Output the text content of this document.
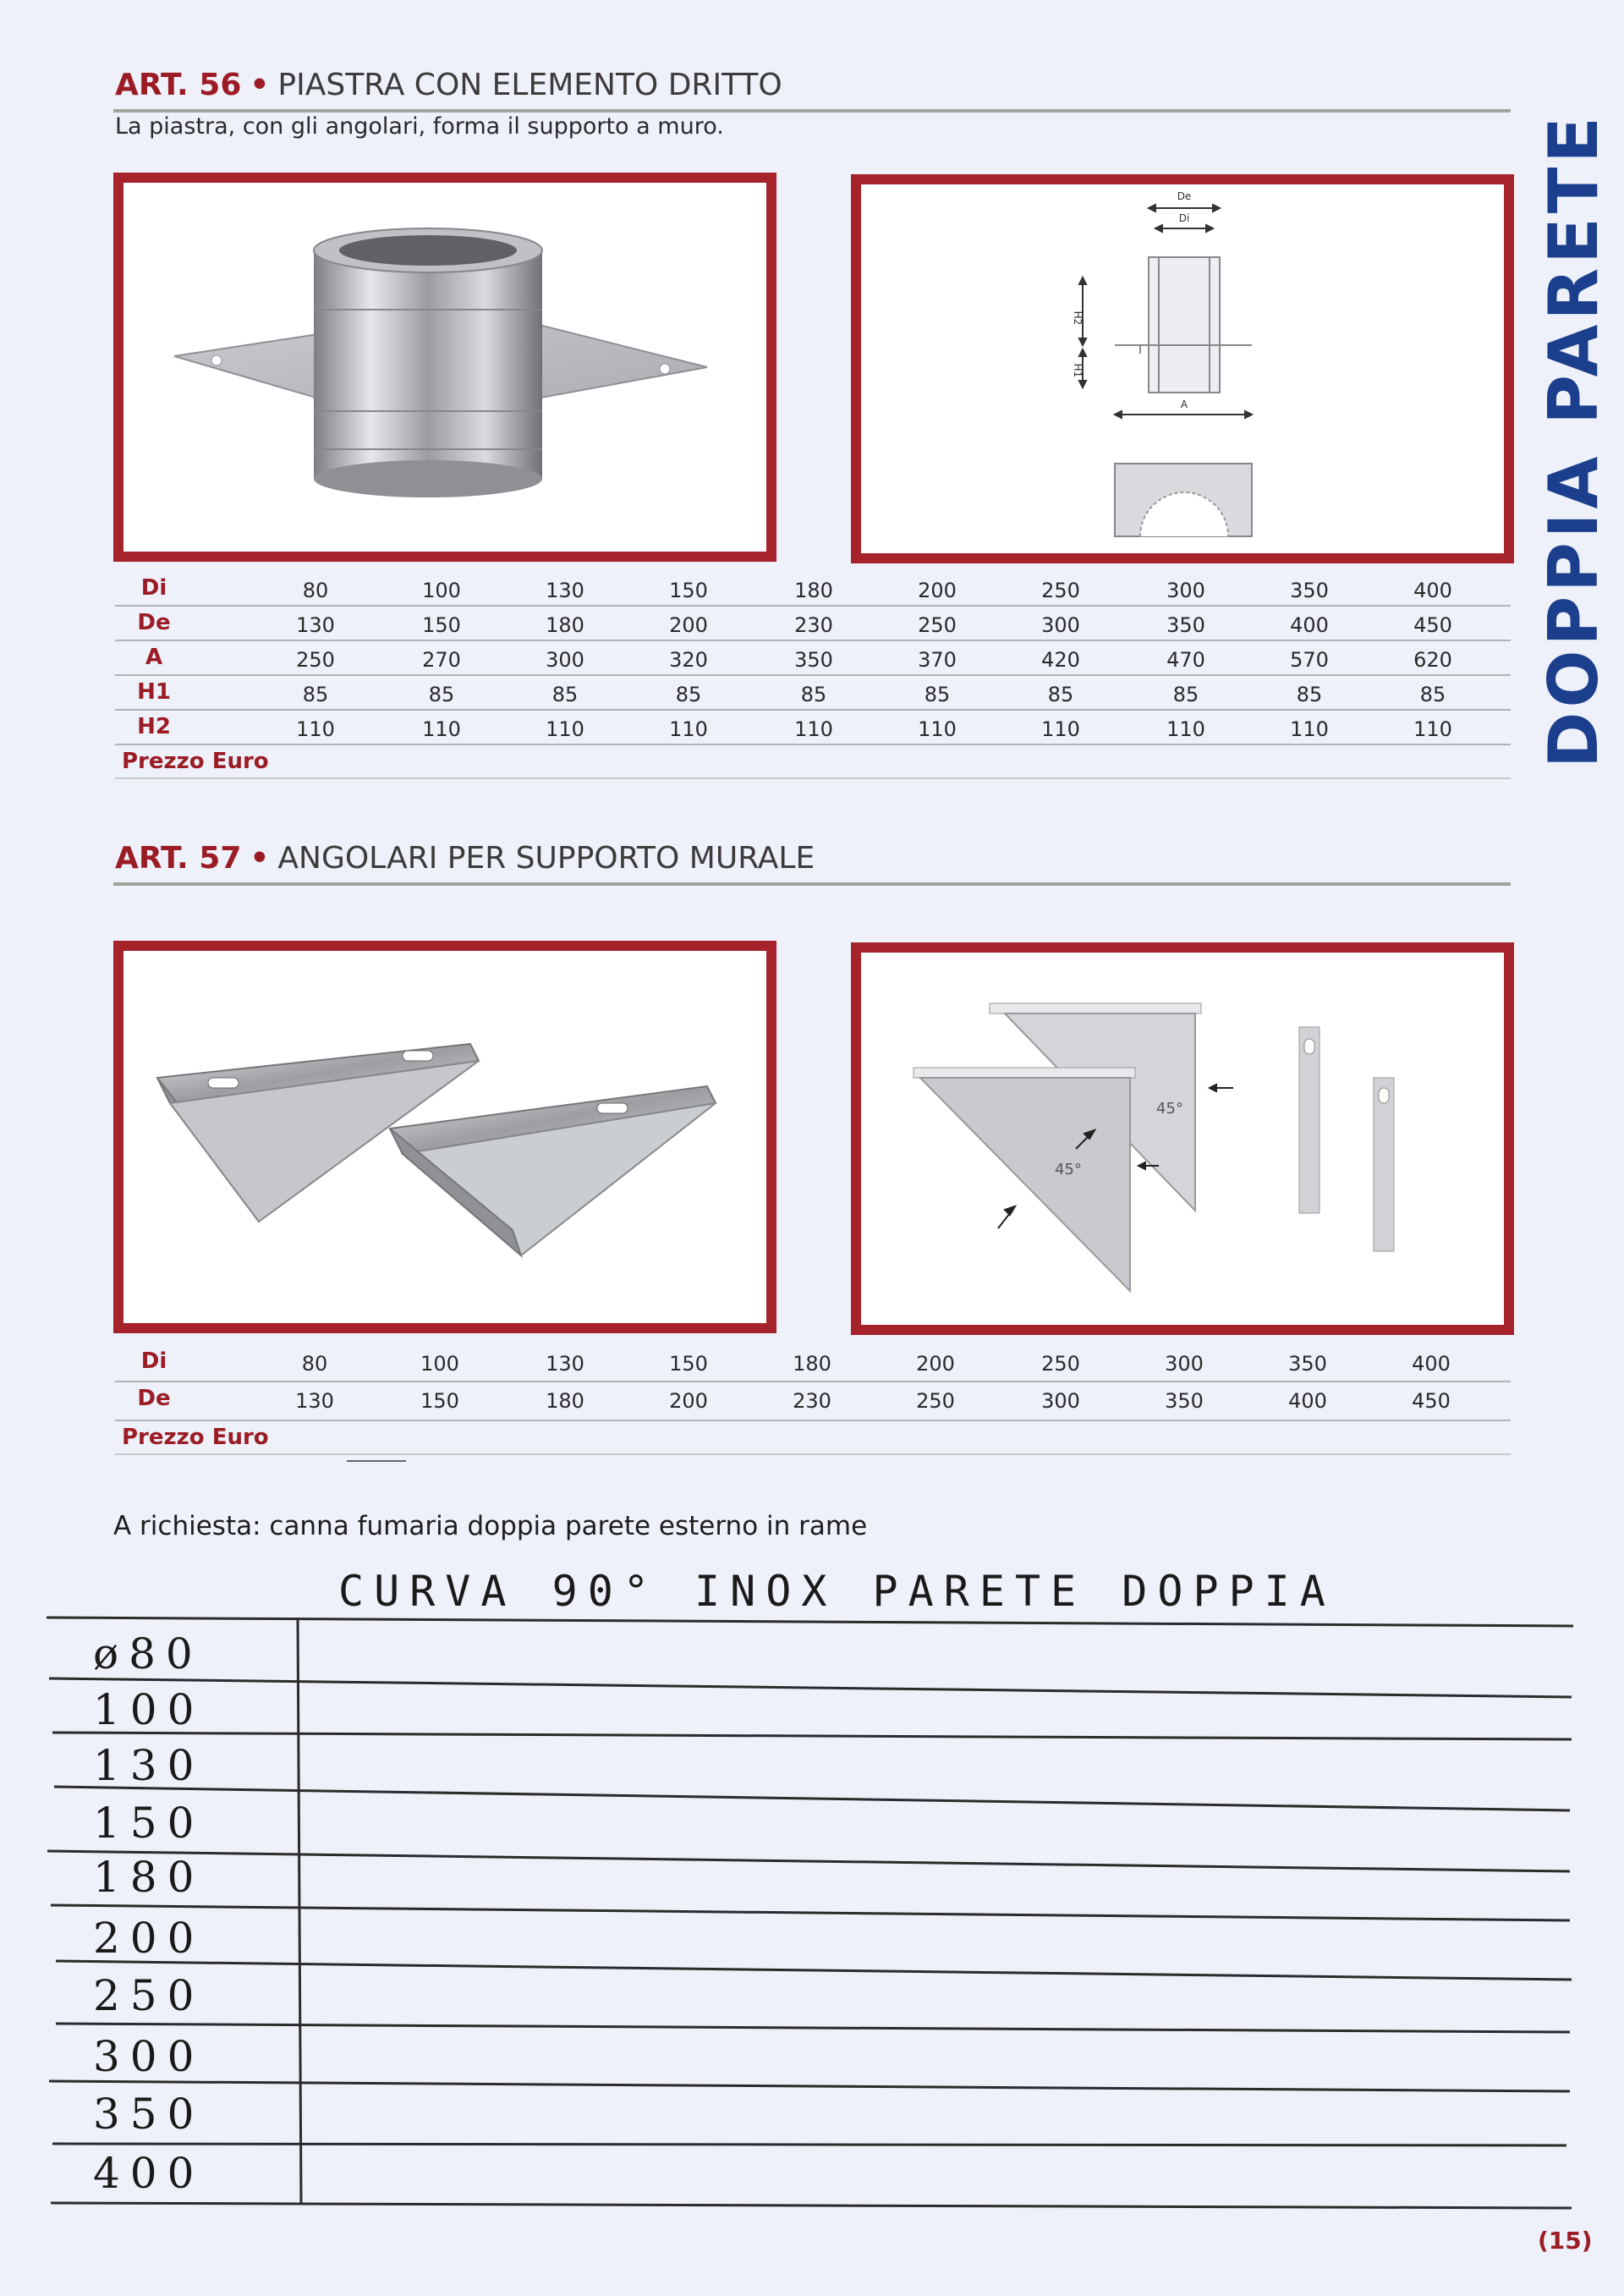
DOPPIA PARETE
ART. 56 • PIASTRA CON ELEMENTO DRITTO
La piastra, con gli angolari, forma il supporto a muro.
De
Di
H2
H1
A
Di	80	100	130	150	180	200	250	300	350	400
De	130	150	180	200	230	250	300	350	400	450
A	250	270	300	320	350	370	420	470	570	620
H1	85	85	85	85	85	85	85	85	85	85
H2	110	110	110	110	110	110	110	110	110	110
Prezzo Euro
ART. 57 • ANGOLARI PER SUPPORTO MURALE
45°
45°
Di	80	100	130	150	180	200	250	300	350	400
De	130	150	180	200	230	250	300	350	400	450
Prezzo Euro
A richiesta: canna fumaria doppia parete esterno in rame
CURVA 90° INOX PARETE DOPPIA
ø80
100
130
150
180
200
250
300
350
400
(15)
